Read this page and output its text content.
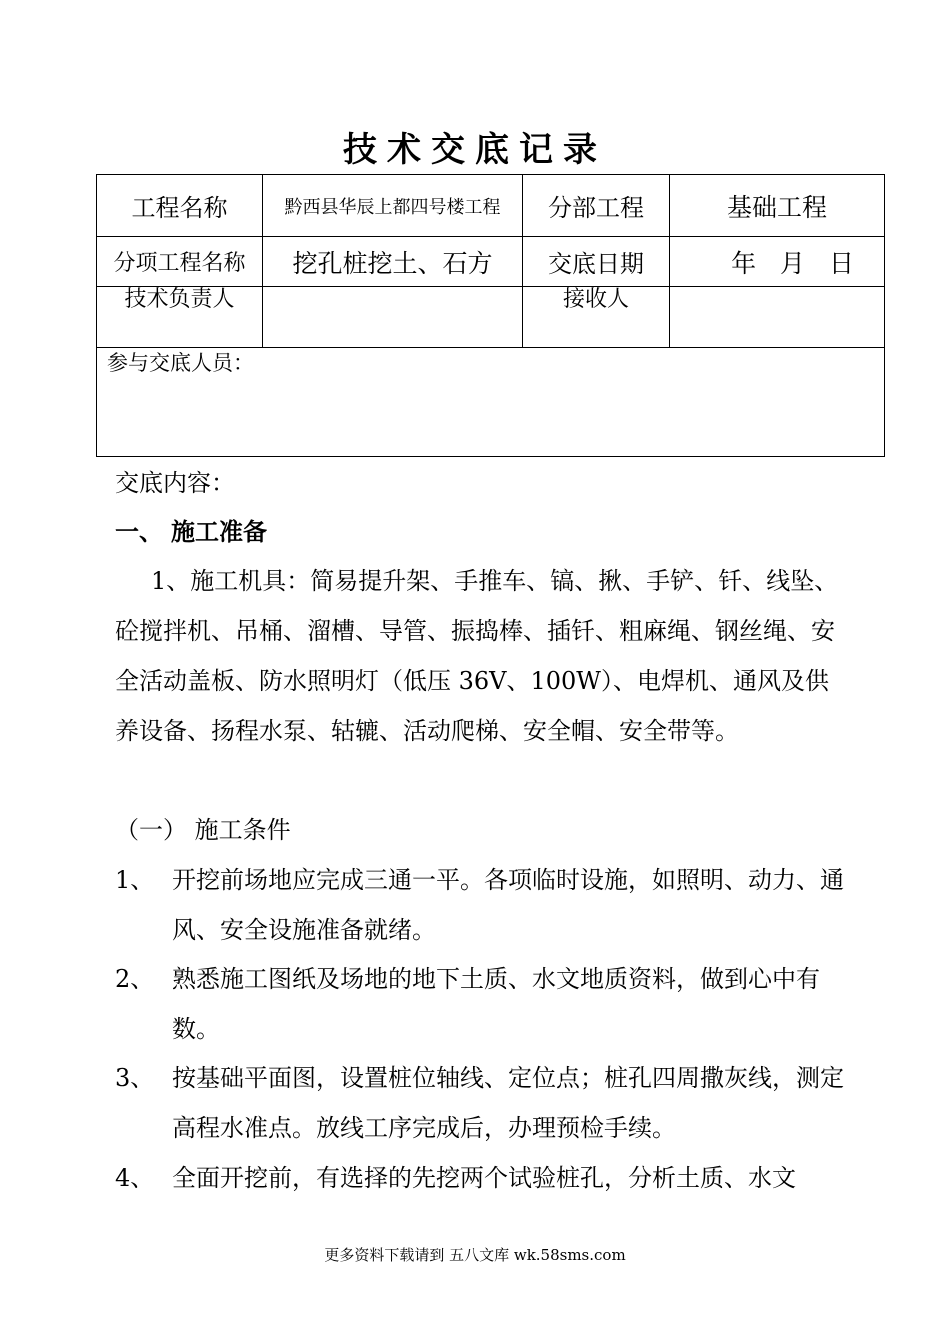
技术交底记录
工程名称	黔西县华辰上都四号楼工程	分部工程	基础工程
分项工程名称	挖孔桩挖土、石方	交底日期	年 月 日
技术负责人		接收人	
参与交底人员：			
交底内容：
一、 施工准备
1、施工机具：简易提升架、手推车、镐、揪、手铲、钎、线坠、砼搅拌机、吊桶、溜槽、导管、振捣棒、插钎、粗麻绳、钢丝绳、安全活动盖板、防水照明灯（低压 36V、100W）、电焊机、通风及供养设备、扬程水泵、轱辘、活动爬梯、安全帽、安全带等。
（一） 施工条件
1、 开挖前场地应完成三通一平。各项临时设施，如照明、动力、通风、安全设施准备就绪。
2、 熟悉施工图纸及场地的地下土质、水文地质资料，做到心中有数。
3、 按基础平面图，设置桩位轴线、定位点；桩孔四周撒灰线，测定高程水准点。放线工序完成后，办理预检手续。
4、 全面开挖前，有选择的先挖两个试验桩孔，分析土质、水文
更多资料下载请到 五八文库 wk.58sms.com
